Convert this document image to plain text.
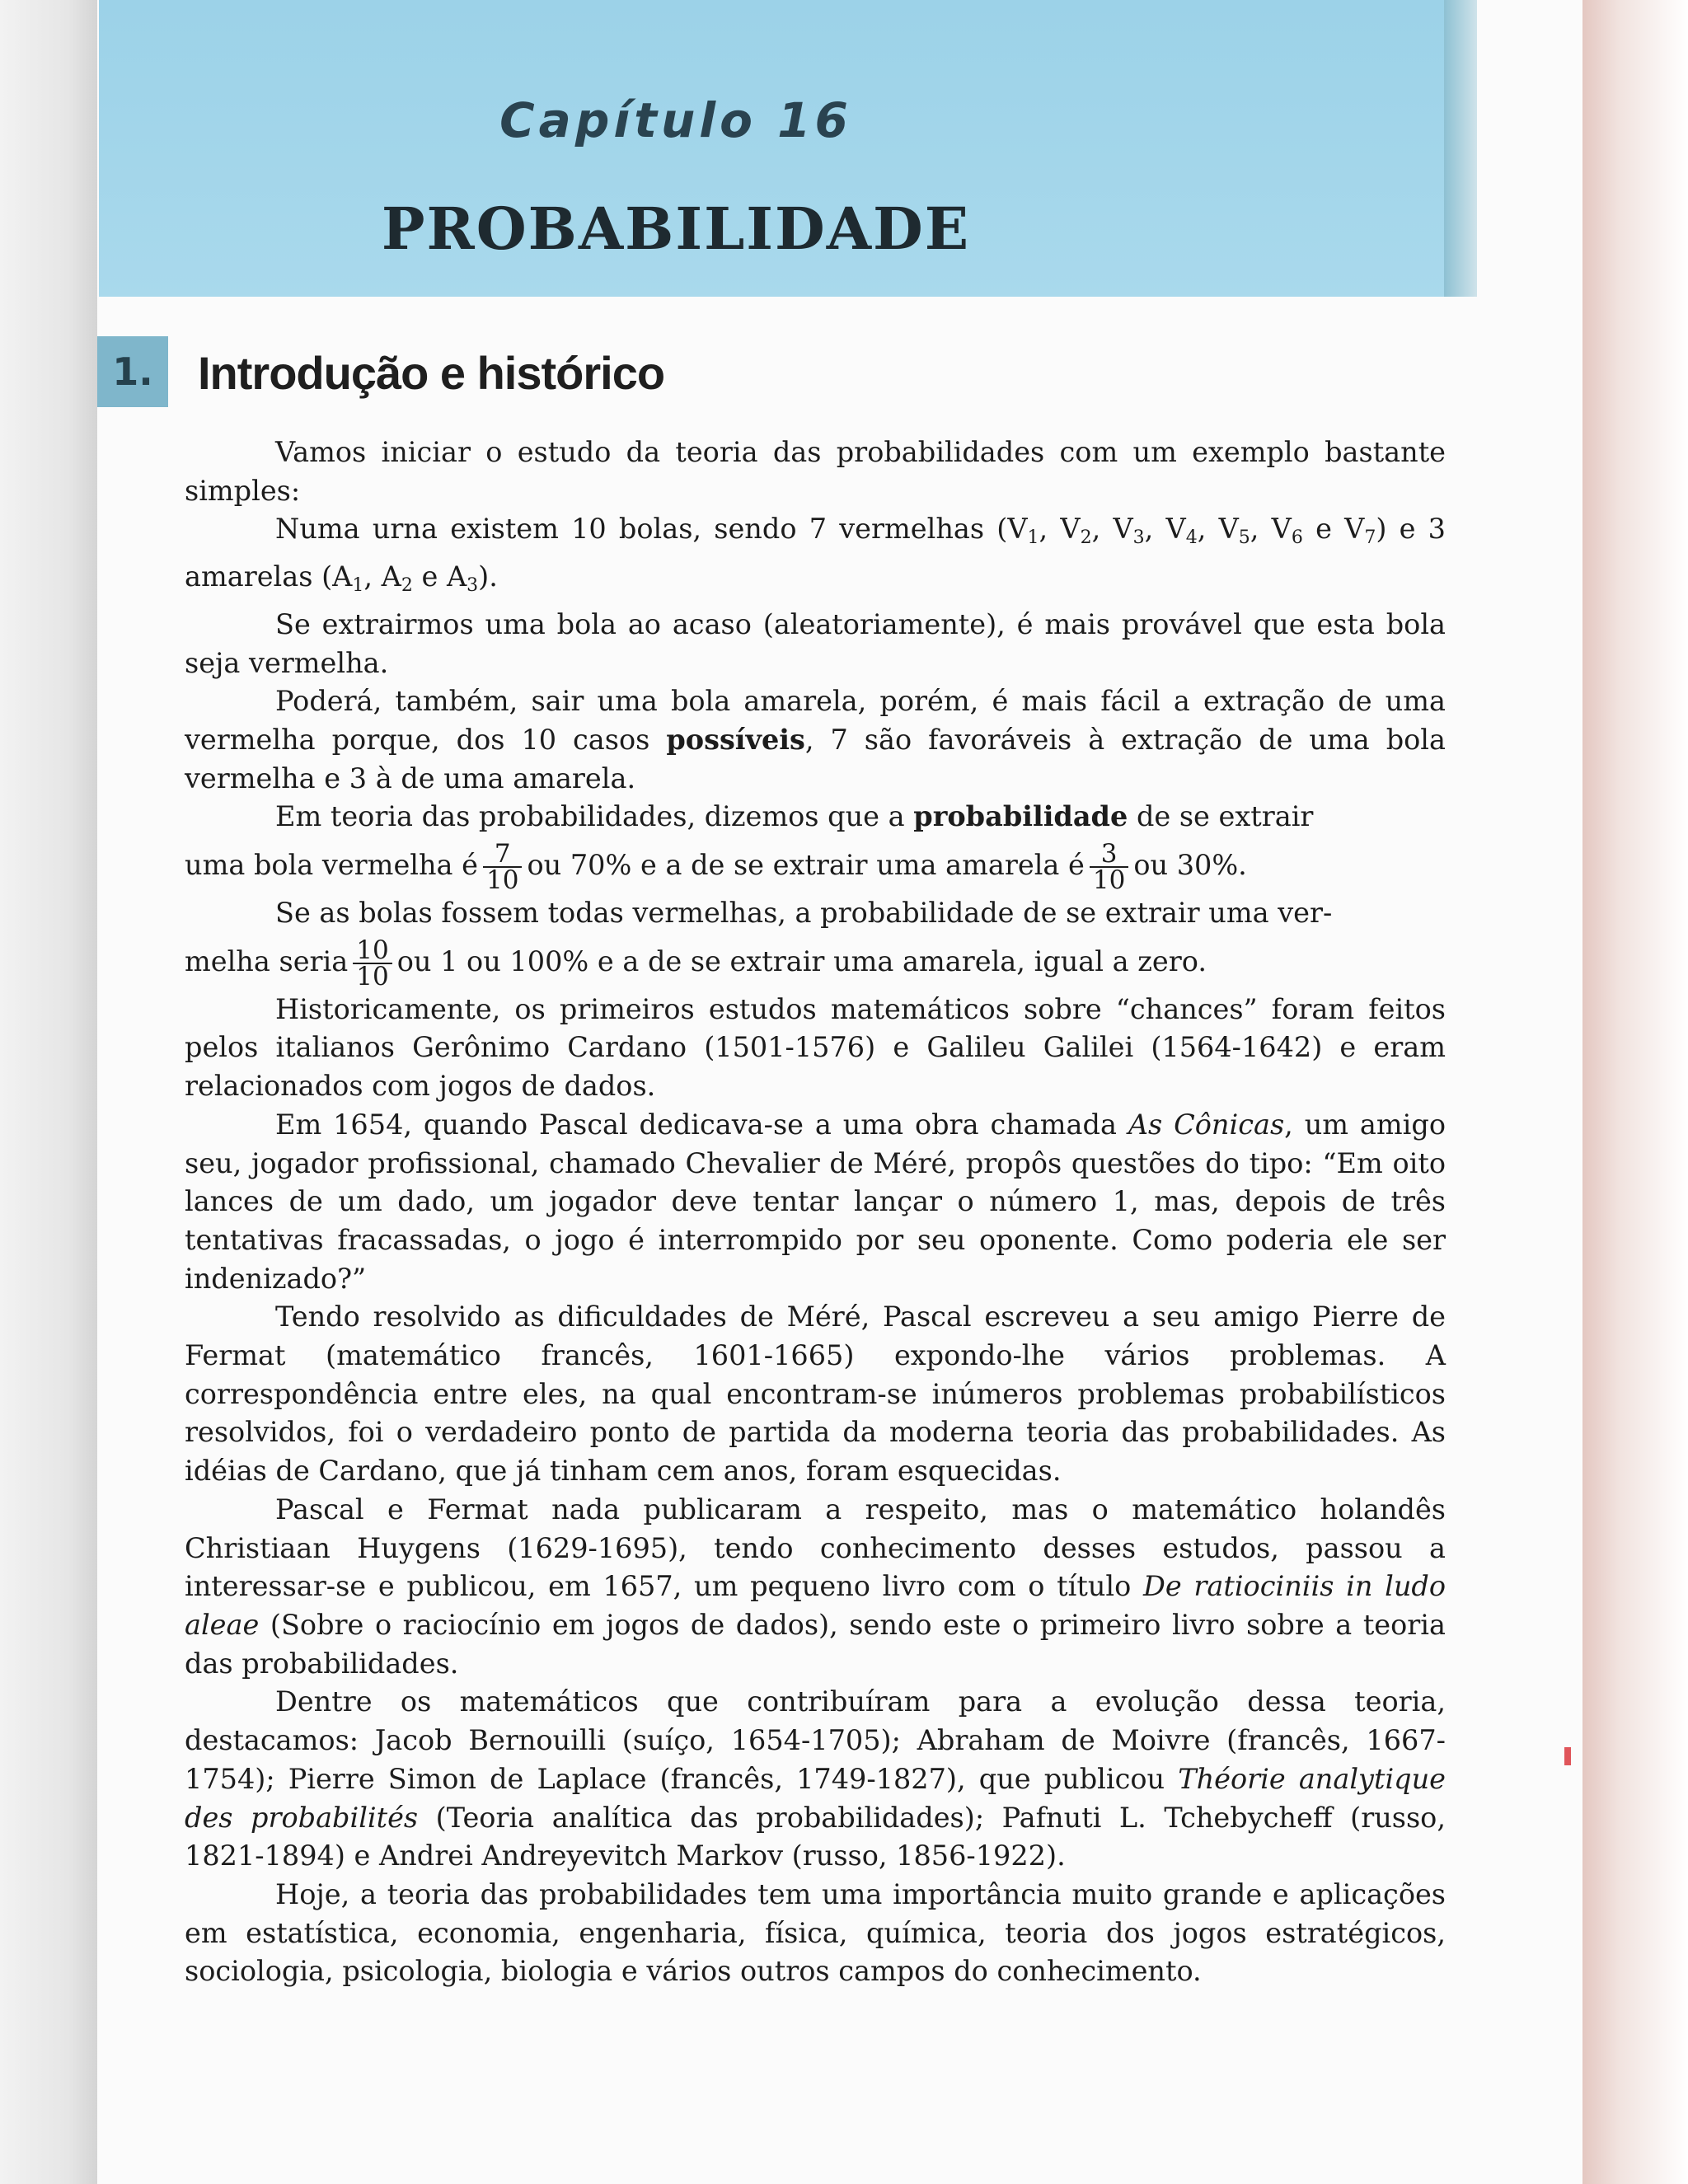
Capítulo 16
PROBABILIDADE
1. Introdução e histórico

Vamos iniciar o estudo da teoria das probabilidades com um exemplo bastante simples:

Numa urna existem 10 bolas, sendo 7 vermelhas ($V_1$, $V_2$, $V_3$, $V_4$, $V_5$, $V_6$ e $V_7$) e 3 amarelas ($A_1$, $A_2$ e $A_3$).

Se extrairmos uma bola ao acaso (aleatoriamente), é mais provável que esta bola seja vermelha.

Poderá, também, sair uma bola amarela, porém, é mais fácil a extração de uma vermelha porque, dos 10 casos possíveis, 7 são favoráveis à extração de uma bola vermelha e 3 à de uma amarela.

Em teoria das probabilidades, dizemos que a probabilidade de se extrair

uma bola vermelha é $\frac{7}{10}$ ou 70% e a de se extrair uma amarela é $\frac{3}{10}$ ou 30%.

Se as bolas fossem todas vermelhas, a probabilidade de se extrair uma ver-

melha seria $\frac{10}{10}$ ou 1 ou 100% e a de se extrair uma amarela, igual a zero.

Historicamente, os primeiros estudos matemáticos sobre “chances” foram feitos pelos italianos Gerônimo Cardano (1501-1576) e Galileu Galilei (1564-1642) e eram relacionados com jogos de dados.

Em 1654, quando Pascal dedicava-se a uma obra chamada As Cônicas, um amigo seu, jogador profissional, chamado Chevalier de Méré, propôs questões do tipo: “Em oito lances de um dado, um jogador deve tentar lançar o número 1, mas, depois de três tentativas fracassadas, o jogo é interrompido por seu oponente. Como poderia ele ser indenizado?”

Tendo resolvido as dificuldades de Méré, Pascal escreveu a seu amigo Pierre de Fermat (matemático francês, 1601-1665) expondo-lhe vários problemas. A correspondência entre eles, na qual encontram-se inúmeros problemas probabilísticos resolvidos, foi o verdadeiro ponto de partida da moderna teoria das probabilidades. As idéias de Cardano, que já tinham cem anos, foram esquecidas.

Pascal e Fermat nada publicaram a respeito, mas o matemático holandês Christiaan Huygens (1629-1695), tendo conhecimento desses estudos, passou a interessar-se e publicou, em 1657, um pequeno livro com o título De ratiociniis in ludo aleae (Sobre o raciocínio em jogos de dados), sendo este o primeiro livro sobre a teoria das probabilidades.

Dentre os matemáticos que contribuíram para a evolução dessa teoria, destacamos: Jacob Bernouilli (suíço, 1654-1705); Abraham de Moivre (francês, 1667-1754); Pierre Simon de Laplace (francês, 1749-1827), que publicou Théorie analytique des probabilités (Teoria analítica das probabilidades); Pafnuti L. Tchebycheff (russo, 1821-1894) e Andrei Andreyevitch Markov (russo, 1856-1922).

Hoje, a teoria das probabilidades tem uma importância muito grande e aplicações em estatística, economia, engenharia, física, química, teoria dos jogos estratégicos, sociologia, psicologia, biologia e vários outros campos do conhecimento.
